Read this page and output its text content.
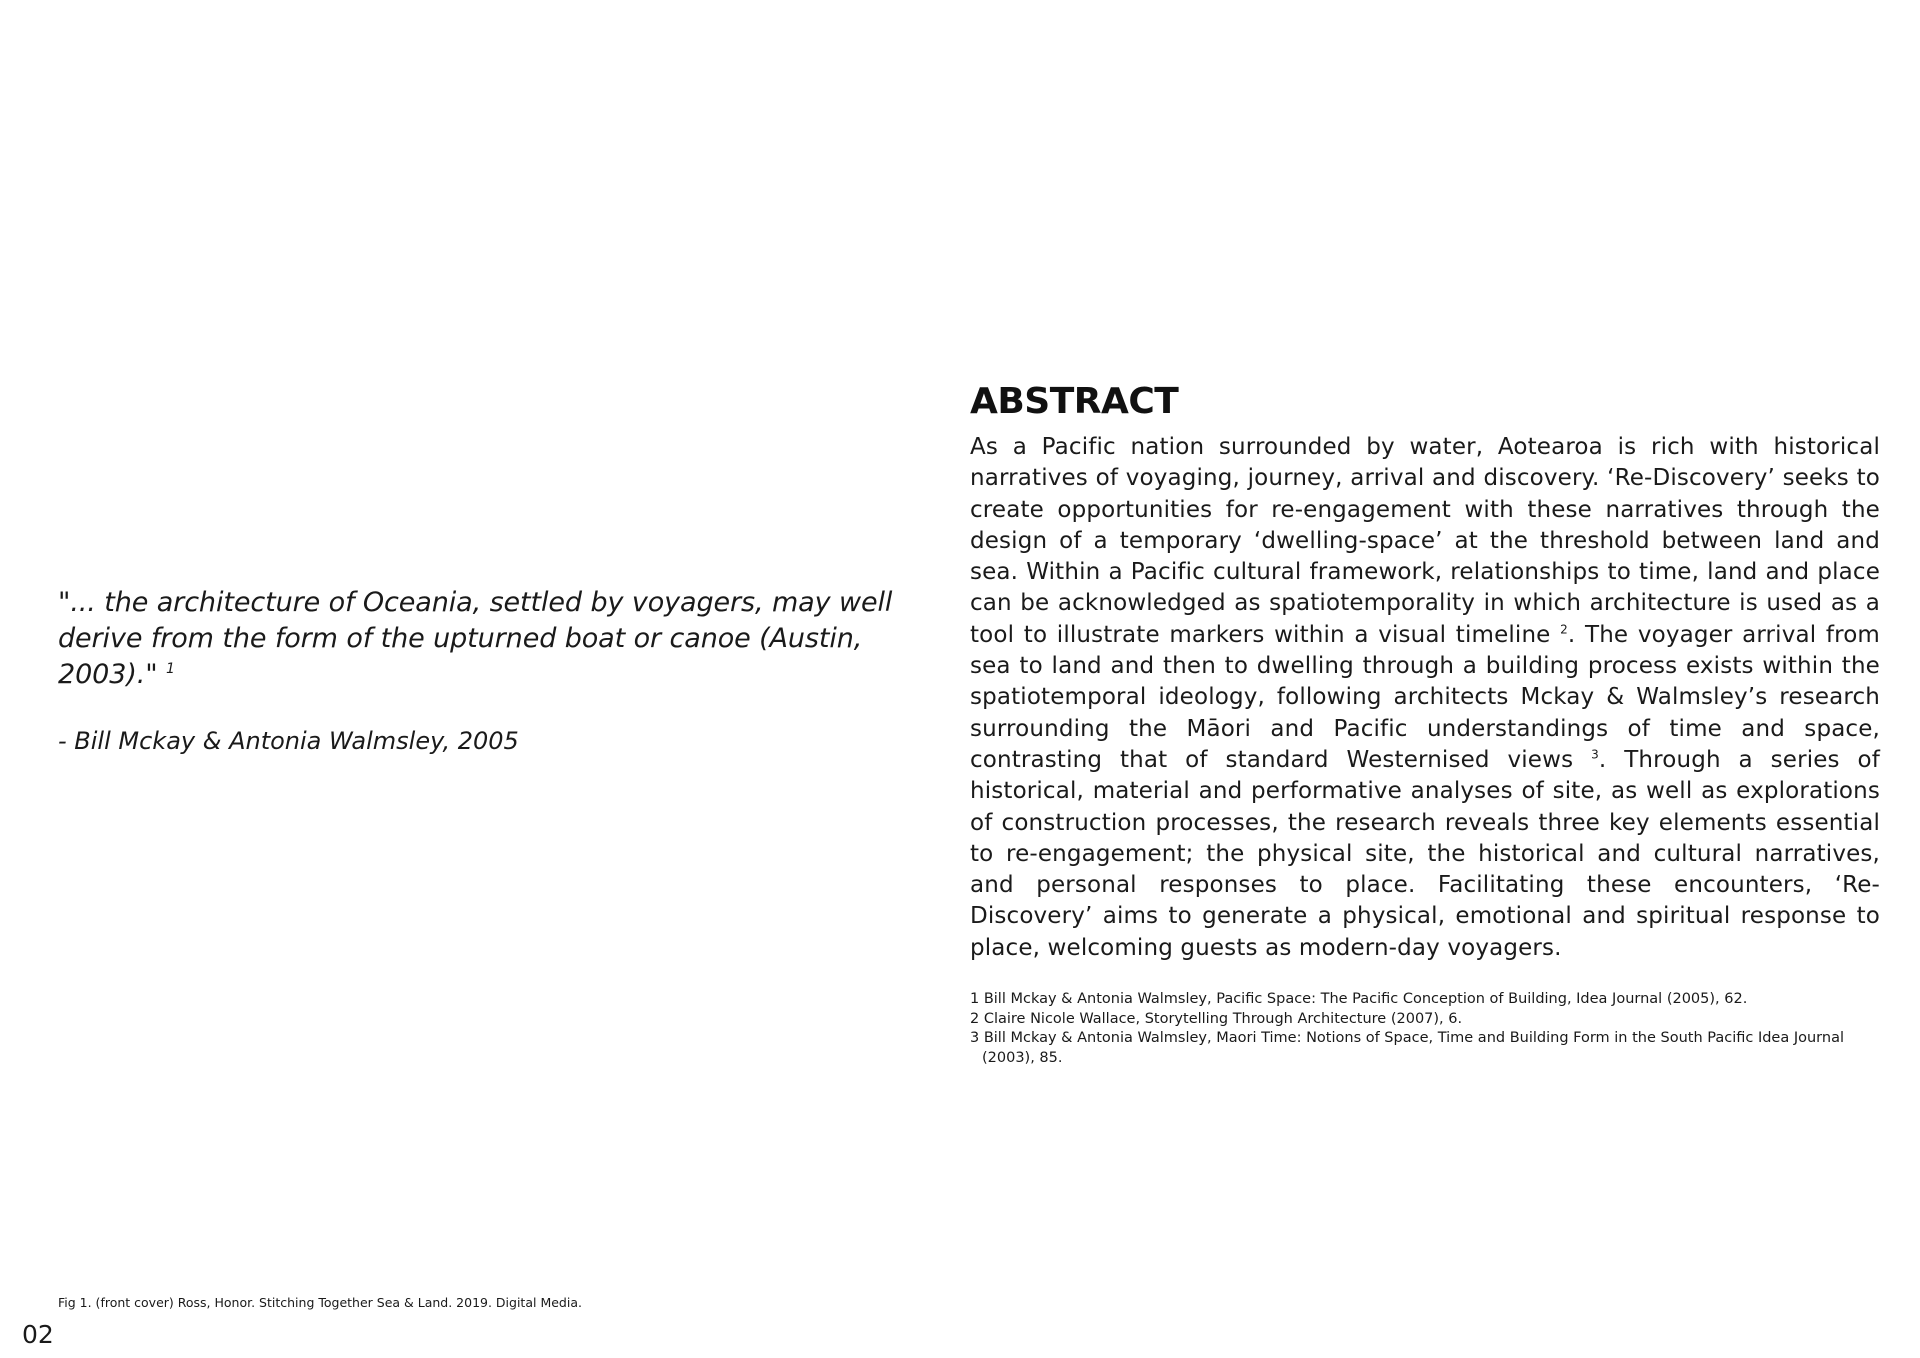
"... the architecture of Oceania, settled by voyagers, may well derive from the form of the upturned boat or canoe (Austin, 2003)." $^1$

- Bill Mckay & Antonia Walmsley, 2005

ABSTRACT

As a Pacific nation surrounded by water, Aotearoa is rich with historical narratives of voyaging, journey, arrival and discovery. ‘Re-Discovery’ seeks to create opportunities for re-engagement with these narratives through the design of a temporary ‘dwelling-space’ at the threshold between land and sea. Within a Pacific cultural framework, relationships to time, land and place can be acknowledged as spatiotemporality in which architecture is used as a tool to illustrate markers within a visual timeline $^2$. The voyager arrival from sea to land and then to dwelling through a building process exists within the spatiotemporal ideology, following architects Mckay & Walmsley’s research surrounding the Māori and Pacific understandings of time and space, contrasting that of standard Westernised views $^3$. Through a series of historical, material and performative analyses of site, as well as explorations of construction processes, the research reveals three key elements essential to re-engagement; the physical site, the historical and cultural narratives, and personal responses to place. Facilitating these encounters, ‘Re-Discovery’ aims to generate a physical, emotional and spiritual response to place, welcoming guests as modern-day voyagers.

1 Bill Mckay & Antonia Walmsley, Pacific Space: The Pacific Conception of Building, Idea Journal (2005), 62.
2 Claire Nicole Wallace, Storytelling Through Architecture (2007), 6.
3 Bill Mckay & Antonia Walmsley, Maori Time: Notions of Space, Time and Building Form in the South Pacific Idea Journal (2003), 85.
Fig 1. (front cover) Ross, Honor. Stitching Together Sea & Land. 2019. Digital Media.
02
